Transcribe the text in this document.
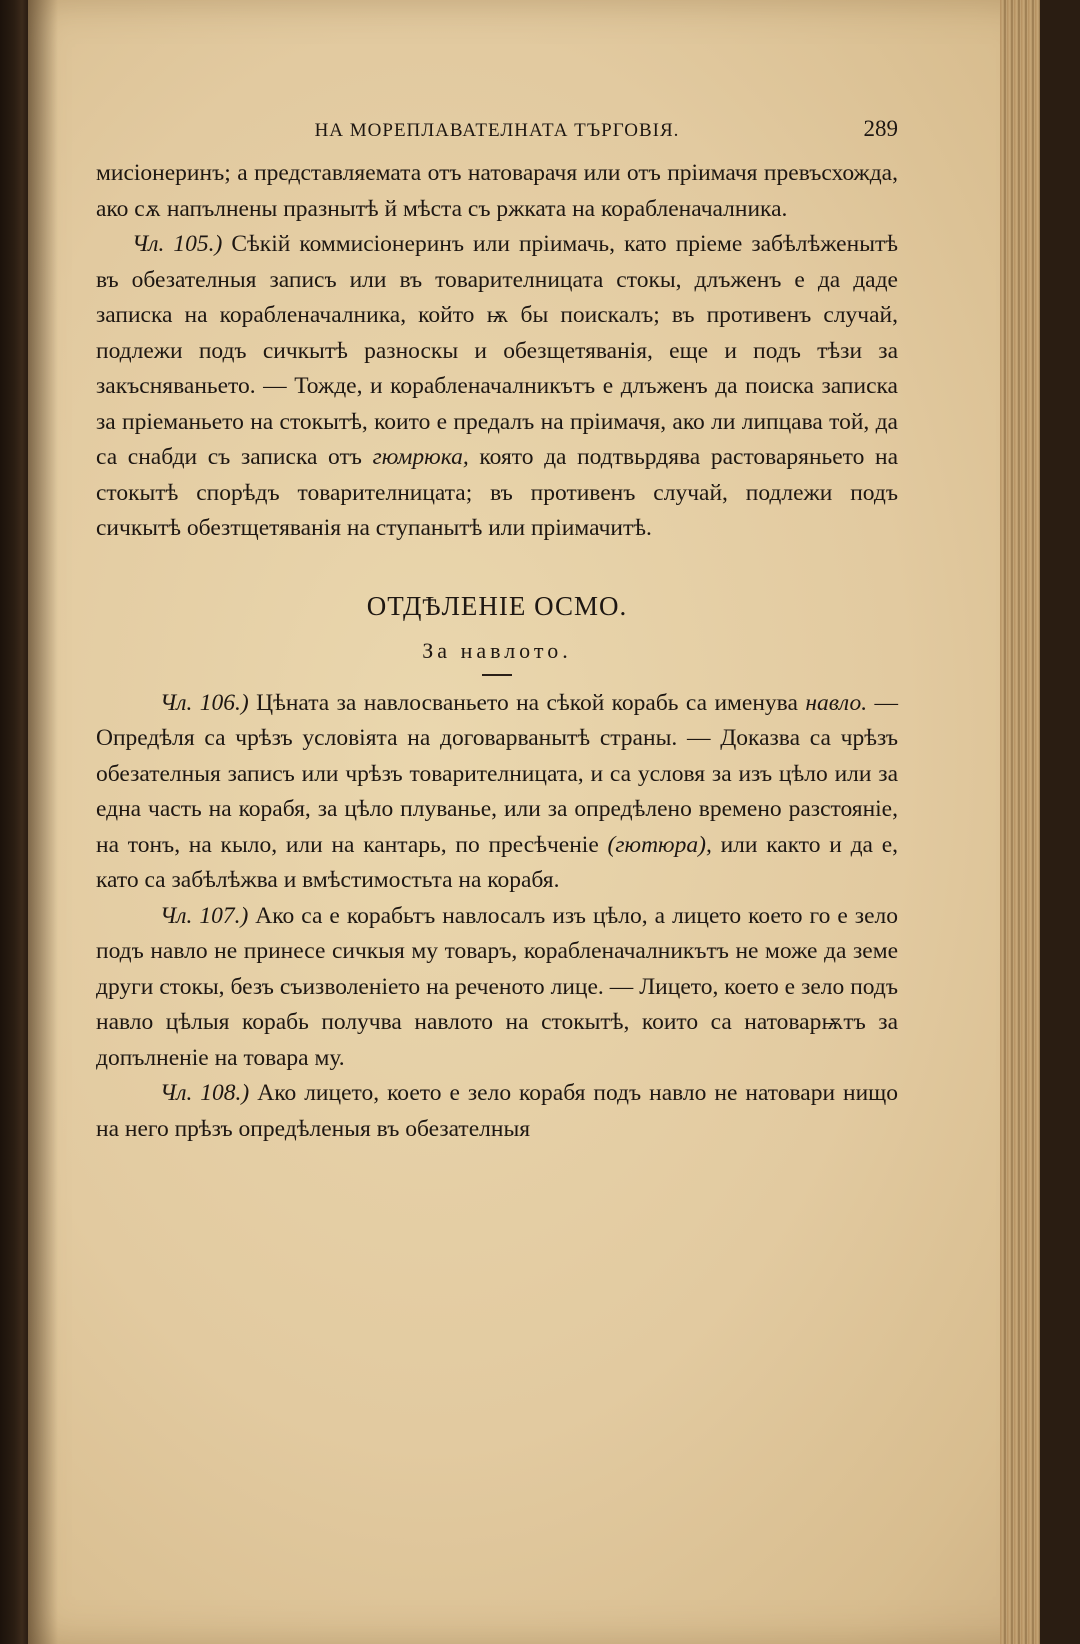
НА МОРЕПЛАВАТЕЛНАТА ТЪРГОВІЯ.	289

мисіонеринъ; а представляемата отъ натоварачя или отъ пріимачя превъсхожда, ако сѫ напълнены празнытѣ й мѣста съ ржката на корабленачалника.

Чл. 105.) Сѣкій коммисіонеринъ или пріимачь, като пріеме забѣлѣженытѣ въ обезателныя записъ или въ товарителницата стокы, длъженъ е да даде записка на корабленачалника, който ѭ бы поискалъ; въ противенъ случай, подлежи подъ сичкытѣ разноскы и обезщетяванія, еще и подъ тѣзи за закъсняваньето. — Тожде, и корабленачалникътъ е длъженъ да поиска записка за пріеманьето на стокытѣ, които е предалъ на пріимачя, ако ли липцава той, да са снабди съ записка отъ гюмрюка, която да подтвьрдява растоваряньето на стокытѣ спорѣдъ товарителницата; въ противенъ случай, подлежи подъ сичкытѣ обезтщетяванія на ступанытѣ или пріимачитѣ.

ОТДѢЛЕНІЕ ОСМО.
За навлото.

Чл. 106.) Цѣната за навлосваньето на сѣкой корабь са именува навло. — Опредѣля са чрѣзъ условіята на договарванытѣ страны. — Доказва са чрѣзъ обезателныя записъ или чрѣзъ товарителницата, и са условя за изъ цѣло или за една часть на корабя, за цѣло плуванье, или за опредѣлено времено разстояніе, на тонъ, на кыло, или на кантарь, по пресѣченіе (гютюра), или както и да е, като са забѣлѣжва и вмѣстимостьта на корабя.

Чл. 107.) Ако са е корабьтъ навлосалъ изъ цѣло, а лицето което го е зело подъ навло не принесе сичкыя му товаръ, корабленачалникътъ не може да земе други стокы, безъ съизволеніето на реченото лице. — Лицето, което е зело подъ навло цѣлыя корабь получва навлото на стокытѣ, които са натоварѭтъ за допълненіе на товара му.

Чл. 108.) Ако лицето, което е зело корабя подъ навло не натовари нищо на него прѣзъ опредѣленыя въ обезателныя
